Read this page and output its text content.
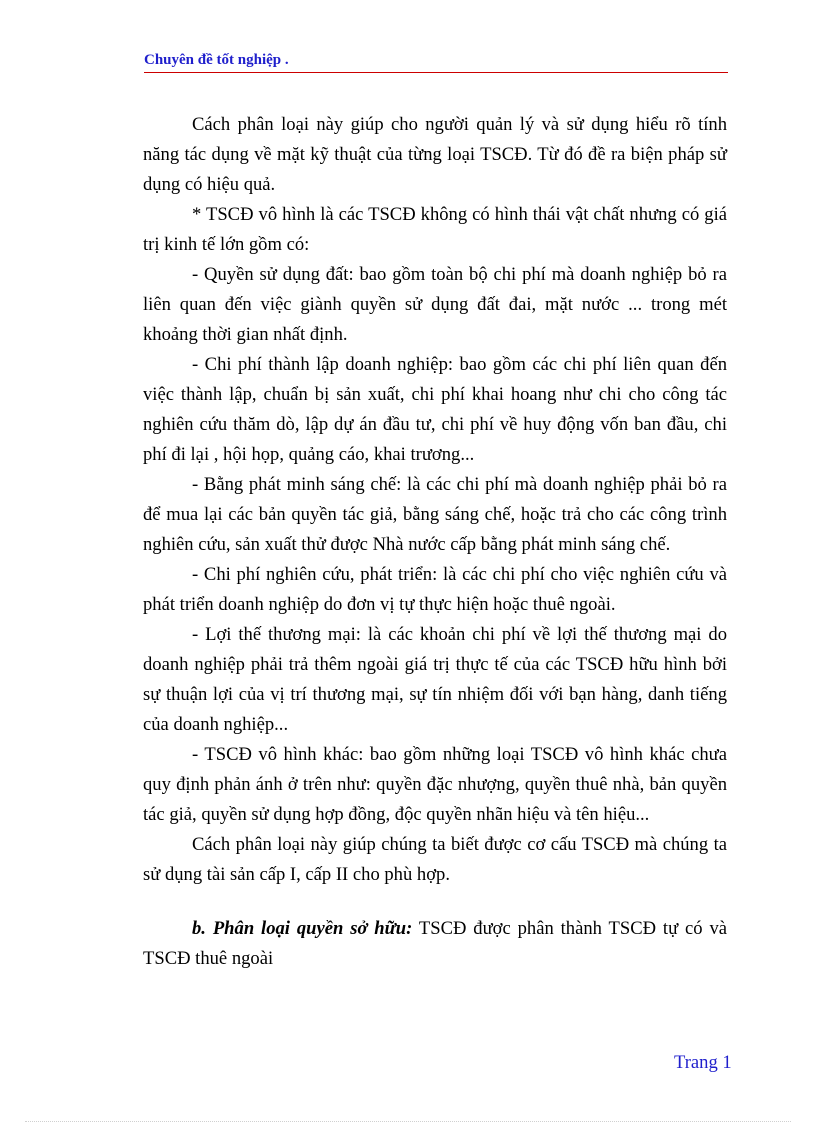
Chuyên đề tốt nghiệp .

Cách phân loại này giúp cho người quản lý và sử dụng hiểu rõ tính năng tác dụng về mặt kỹ thuật của từng loại TSCĐ. Từ đó đề ra biện pháp sử dụng có hiệu quả.

* TSCĐ vô hình là các TSCĐ không có hình thái vật chất nhưng có giá trị kinh tế lớn gồm có:

- Quyền sử dụng đất: bao gồm toàn bộ chi phí mà doanh nghiệp bỏ ra liên quan đến việc giành quyền sử dụng đất đai, mặt nước ... trong mét khoảng thời gian nhất định.

- Chi phí thành lập doanh nghiệp: bao gồm các chi phí liên quan đến việc thành lập, chuẩn bị sản xuất, chi phí khai hoang như chi cho công tác nghiên cứu thăm dò, lập dự án đầu tư, chi phí về huy động vốn ban đầu, chi phí đi lại , hội họp, quảng cáo, khai trương...

- Bằng phát minh sáng chế: là các chi phí mà doanh nghiệp phải bỏ ra để mua lại các bản quyền tác giả, bằng sáng chế, hoặc trả cho các công trình nghiên cứu, sản xuất thử được Nhà nước cấp bằng phát minh sáng chế.

- Chi phí nghiên cứu, phát triển: là các chi phí cho việc nghiên cứu và phát triển doanh nghiệp do đơn vị tự thực hiện hoặc thuê ngoài.

- Lợi thế thương mại: là các khoản chi phí về lợi thế thương mại do doanh nghiệp phải trả thêm ngoài giá trị thực tế của các TSCĐ hữu hình bởi sự thuận lợi của vị trí thương mại, sự tín nhiệm đối với bạn hàng, danh tiếng của doanh nghiệp...

- TSCĐ vô hình khác: bao gồm những loại TSCĐ vô hình khác chưa quy định phản ánh ở trên như: quyền đặc nhượng, quyền thuê nhà, bản quyền tác giả, quyền sử dụng hợp đồng, độc quyền nhãn hiệu và tên hiệu...

Cách phân loại này giúp chúng ta biết được cơ cấu TSCĐ mà chúng ta sử dụng tài sản cấp I, cấp II cho phù hợp.

b. Phân loại quyền sở hữu: TSCĐ được phân thành TSCĐ tự có và TSCĐ thuê ngoài

Trang 1
